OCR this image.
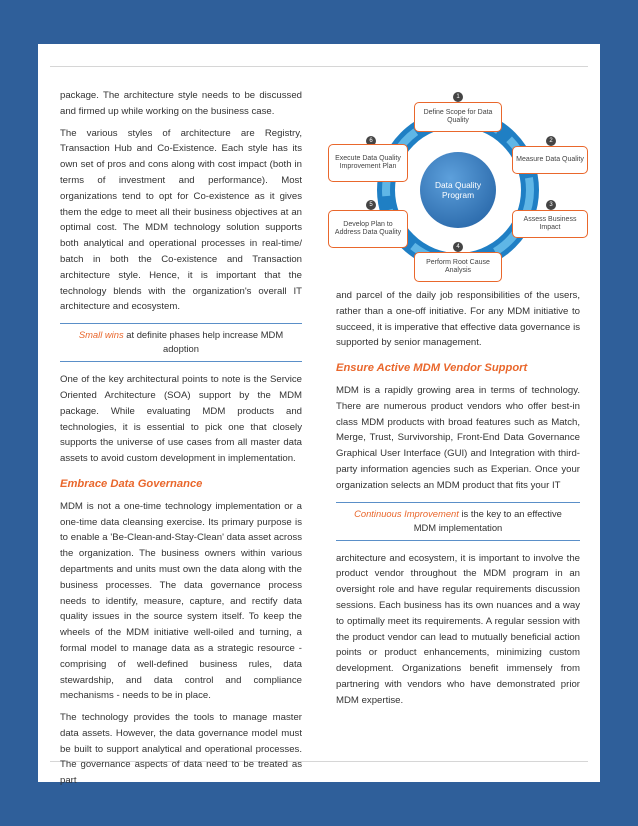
package. The architecture style needs to be discussed and firmed up while working on the business case.

The various styles of architecture are Registry, Transaction Hub and Co-Existence. Each style has its own set of pros and cons along with cost impact (both in terms of investment and performance). Most organizations tend to opt for Co-existence as it gives them the edge to meet all their business objectives at an optimal cost. The MDM technology solution supports both analytical and operational processes in real-time/ batch in both the Co-existence and Transaction architecture style. Hence, it is important that the technology blends with the organization's overall IT architecture and ecosystem.

Small wins at definite phases help increase MDM adoption

One of the key architectural points to note is the Service Oriented Architecture (SOA) support by the MDM package. While evaluating MDM products and technologies, it is essential to pick one that closely supports the universe of use cases from all master data assets to avoid custom development in implementation.

Embrace Data Governance

MDM is not a one-time technology implementation or a one-time data cleansing exercise. Its primary purpose is to enable a 'Be-Clean-and-Stay-Clean' data asset across the organization. The business owners within various departments and units must own the data along with the business processes. The data governance process needs to identify, measure, capture, and rectify data quality issues in the source system itself. To keep the wheels of the MDM initiative well-oiled and turning, a formal model to manage data as a strategic resource - comprising of well-defined business rules, data stewardship, and data control and compliance mechanisms - needs to be in place.

The technology provides the tools to manage master data assets. However, the data governance model must be built to support analytical and operational processes. The governance aspects of data need to be treated as part

Data Quality Program
1
Define Scope for Data Quality
2
Measure Data Quality
3
Assess Business Impact
4
Perform Root Cause Analysis
5
Develop Plan to Address Data Quality
6
Execute Data Quality Improvement Plan

and parcel of the daily job responsibilities of the users, rather than a one-off initiative. For any MDM initiative to succeed, it is imperative that effective data governance is supported by senior management.

Ensure Active MDM Vendor Support

MDM is a rapidly growing area in terms of technology. There are numerous product vendors who offer best-in class MDM products with broad features such as Match, Merge, Trust, Survivorship, Front-End Data Governance Graphical User Interface (GUI) and Integration with third-party information agencies such as Experian. Once your organization selects an MDM product that fits your IT

Continuous Improvement is the key to an effective MDM implementation

architecture and ecosystem, it is important to involve the product vendor throughout the MDM program in an oversight role and have regular requirements discussion sessions. Each business has its own nuances and a way to optimally meet its requirements. A regular session with the product vendor can lead to mutually beneficial action points or product enhancements, minimizing custom development. Organizations benefit immensely from partnering with vendors who have demonstrated prior MDM expertise.
